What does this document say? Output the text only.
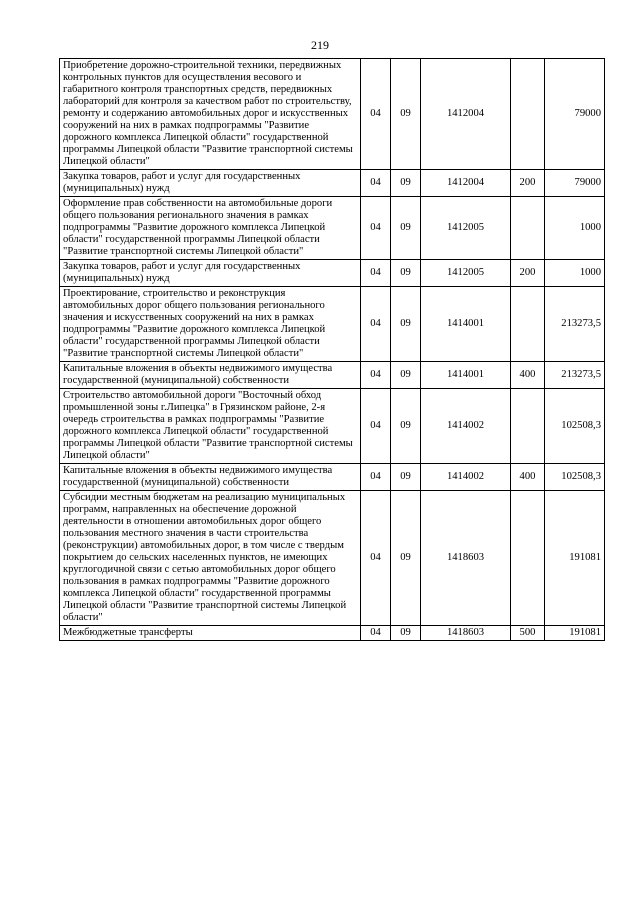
219
Приобретение дорожно-строительной техники, передвижных контрольных пунктов для осуществления весового и габаритного контроля транспортных средств, передвижных лабораторий для контроля за качеством работ по строительству, ремонту и содержанию автомобильных дорог и искусственных сооружений на них в рамках подпрограммы "Развитие дорожного комплекса Липецкой области" государственной программы Липецкой области "Развитие транспортной системы Липецкой области"	04	09	1412004		79000
Закупка товаров, работ и услуг для государственных (муниципальных) нужд	04	09	1412004	200	79000
Оформление прав собственности на автомобильные дороги общего пользования регионального значения в рамках подпрограммы "Развитие дорожного комплекса Липецкой области" государственной программы Липецкой области "Развитие транспортной системы Липецкой области"	04	09	1412005		1000
Закупка товаров, работ и услуг для государственных (муниципальных) нужд	04	09	1412005	200	1000
Проектирование, строительство и реконструкция автомобильных дорог общего пользования регионального значения и искусственных сооружений на них в рамках подпрограммы "Развитие дорожного комплекса Липецкой области" государственной программы Липецкой области "Развитие транспортной системы Липецкой области"	04	09	1414001		213273,5
Капитальные вложения в объекты недвижимого имущества государственной (муниципальной) собственности	04	09	1414001	400	213273,5
Строительство автомобильной дороги "Восточный обход промышленной зоны г.Липецка" в Грязинском районе, 2-я очередь строительства в рамках подпрограммы "Развитие дорожного комплекса Липецкой области" государственной программы Липецкой области "Развитие транспортной системы Липецкой области"	04	09	1414002		102508,3
Капитальные вложения в объекты недвижимого имущества государственной (муниципальной) собственности	04	09	1414002	400	102508,3
Субсидии местным бюджетам на реализацию муниципальных программ, направленных на обеспечение дорожной деятельности в отношении автомобильных дорог общего пользования местного значения в части строительства (реконструкции) автомобильных дорог, в том числе с твердым покрытием до сельских населенных пунктов, не имеющих круглогодичной связи с сетью автомобильных дорог общего пользования в рамках подпрограммы "Развитие дорожного комплекса Липецкой области" государственной программы Липецкой области "Развитие транспортной системы Липецкой области"	04	09	1418603		191081
Межбюджетные трансферты	04	09	1418603	500	191081
